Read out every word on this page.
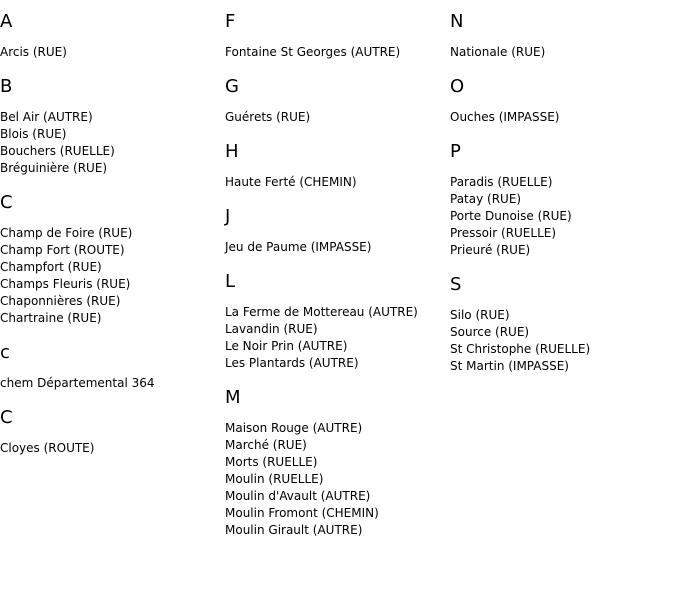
A
Arcis (RUE)
B
Bel Air (AUTRE)
Blois (RUE)
Bouchers (RUELLE)
Bréguinière (RUE)
C
Champ de Foire (RUE)
Champ Fort (ROUTE)
Champfort (RUE)
Champs Fleuris (RUE)
Chaponnières (RUE)
Chartraine (RUE)
c
chem Départemental 364
C
Cloyes (ROUTE)
F
Fontaine St Georges (AUTRE)
G
Guérets (RUE)
H
Haute Ferté (CHEMIN)
J
Jeu de Paume (IMPASSE)
L
La Ferme de Mottereau (AUTRE)
Lavandin (RUE)
Le Noir Prin (AUTRE)
Les Plantards (AUTRE)
M
Maison Rouge (AUTRE)
Marché (RUE)
Morts (RUELLE)
Moulin (RUELLE)
Moulin d'Avault (AUTRE)
Moulin Fromont (CHEMIN)
Moulin Girault (AUTRE)
N
Nationale (RUE)
O
Ouches (IMPASSE)
P
Paradis (RUELLE)
Patay (RUE)
Porte Dunoise (RUE)
Pressoir (RUELLE)
Prieuré (RUE)
S
Silo (RUE)
Source (RUE)
St Christophe (RUELLE)
St Martin (IMPASSE)
